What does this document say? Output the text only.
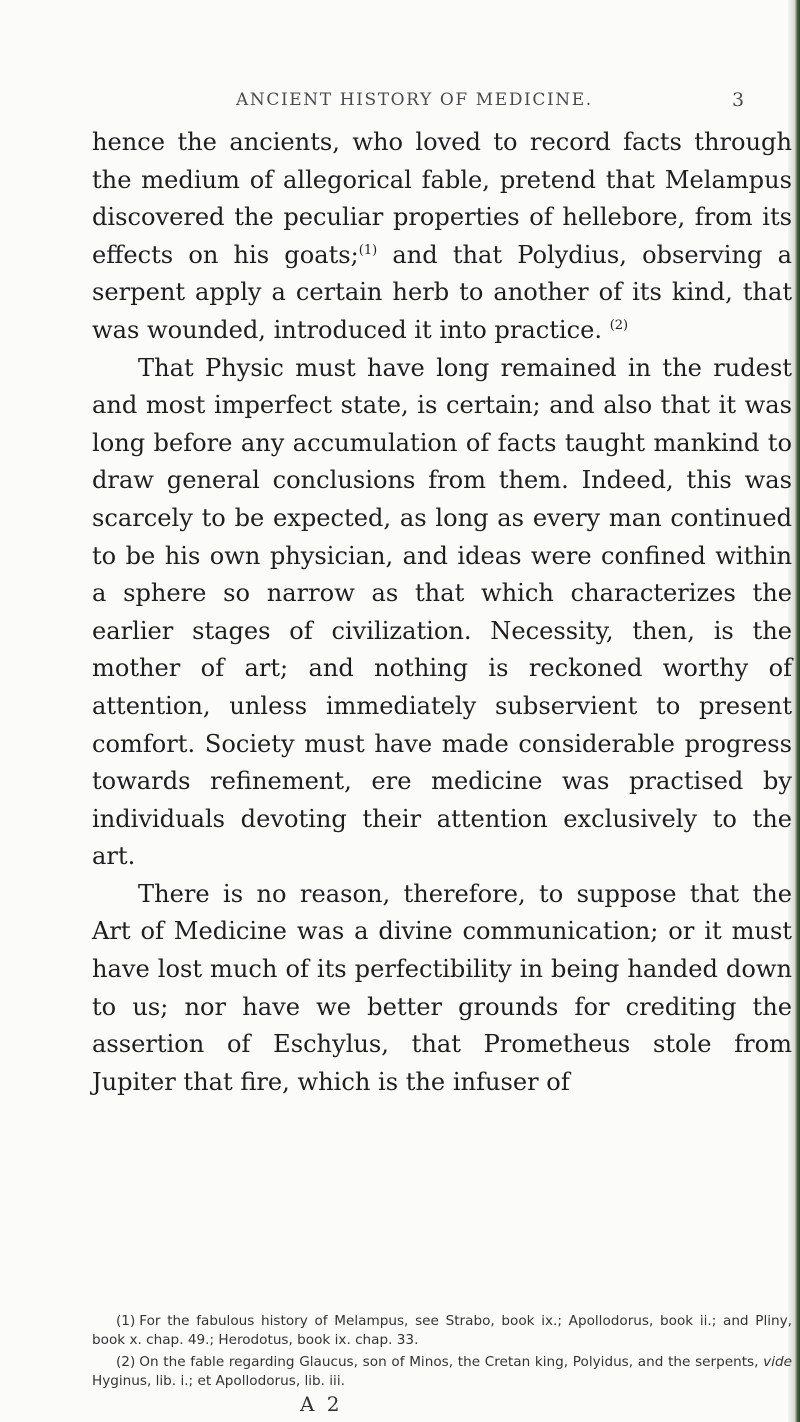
ANCIENT HISTORY OF MEDICINE.	3

hence the ancients, who loved to record facts through the medium of allegorical fable, pretend that Melampus discovered the peculiar properties of hellebore, from its effects on his goats;$^{(1)}$ and that Polydius, observing a serpent apply a certain herb to another of its kind, that was wounded, introduced it into practice. $^{(2)}$

That Physic must have long remained in the rudest and most imperfect state, is certain; and also that it was long before any accumulation of facts taught mankind to draw general conclusions from them. Indeed, this was scarcely to be expected, as long as every man continued to be his own physician, and ideas were confined within a sphere so narrow as that which characterizes the earlier stages of civilization. Necessity, then, is the mother of art; and nothing is reckoned worthy of attention, unless immediately subservient to present comfort. Society must have made considerable progress towards refinement, ere medicine was practised by individuals devoting their attention exclusively to the art.

There is no reason, therefore, to suppose that the Art of Medicine was a divine communication; or it must have lost much of its perfectibility in being handed down to us; nor have we better grounds for crediting the assertion of Eschylus, that Prometheus stole from Jupiter that fire, which is the infuser of

(1) For the fabulous history of Melampus, see Strabo, book ix.; Apollodorus, book ii.; and Pliny, book x. chap. 49.; Herodotus, book ix. chap. 33.

(2) On the fable regarding Glaucus, son of Minos, the Cretan king, Polyidus, and the serpents, vide Hyginus, lib. i.; et Apollodorus, lib. iii.

A 2
